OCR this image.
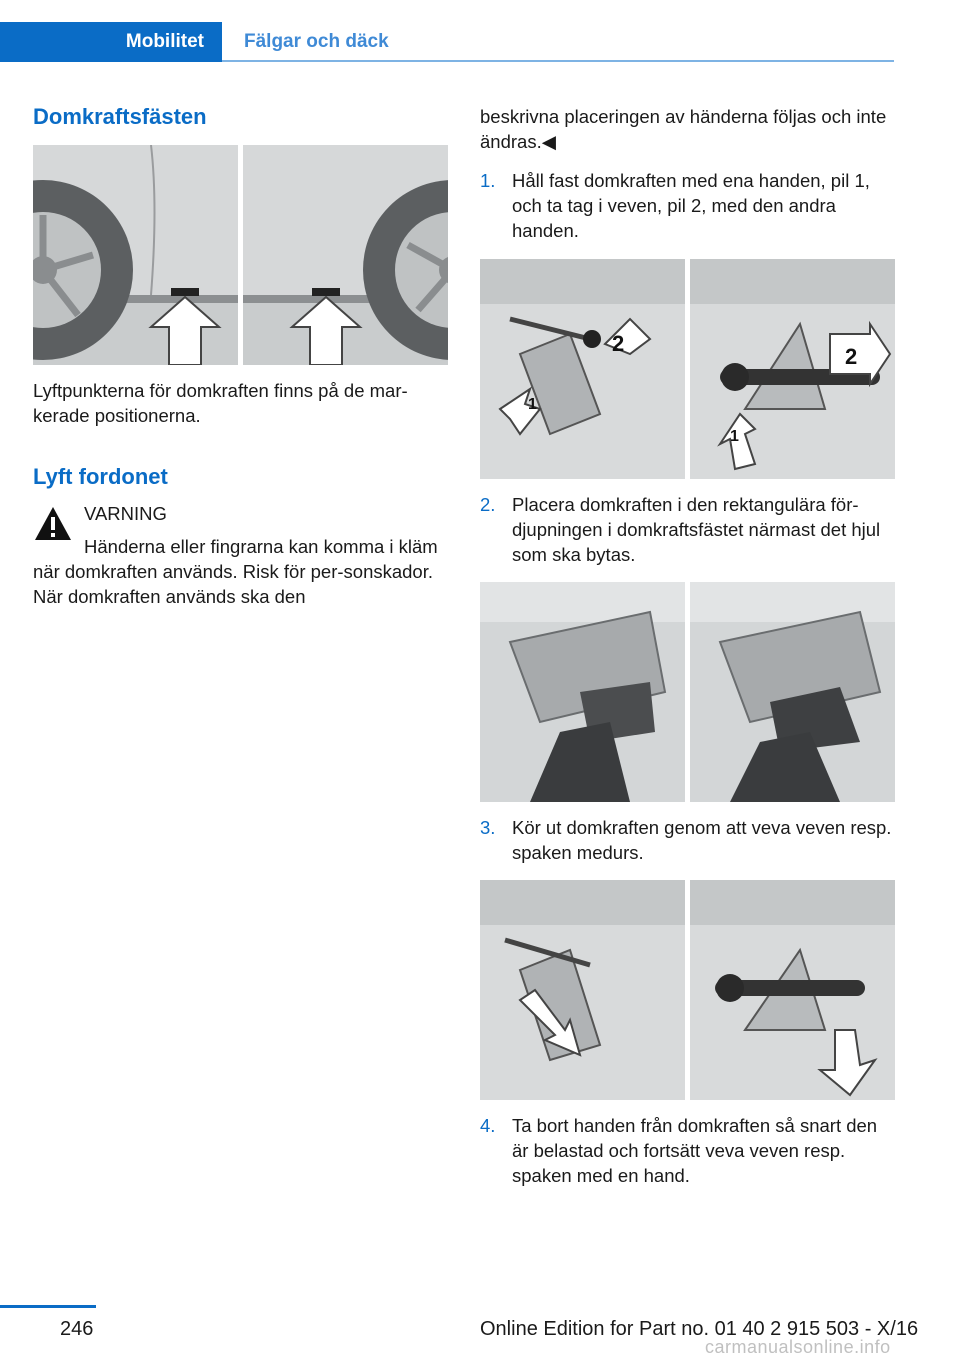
Mobilitet	Fälgar och däck
Domkraftsfästen
Lyftpunkterna för domkraften finns på de mar-kerade positionerna.
Lyft fordonet
VARNING
Händerna eller fingrarna kan komma i kläm när domkraften används. Risk för per-sonskador. När domkraften används ska den
beskrivna placeringen av händerna följas och inte ändras.◀
1. Håll fast domkraften med ena handen, pil 1, och ta tag i veven, pil 2, med den andra handen.
1
2
2
1
2. Placera domkraften i den rektangulära för-djupningen i domkraftsfästet närmast det hjul som ska bytas.
3. Kör ut domkraften genom att veva veven resp. spaken medurs.
4. Ta bort handen från domkraften så snart den är belastad och fortsätt veva veven resp. spaken med en hand.
246	Online Edition for Part no. 01 40 2 915 503 - X/16
carmanualsonline.info
